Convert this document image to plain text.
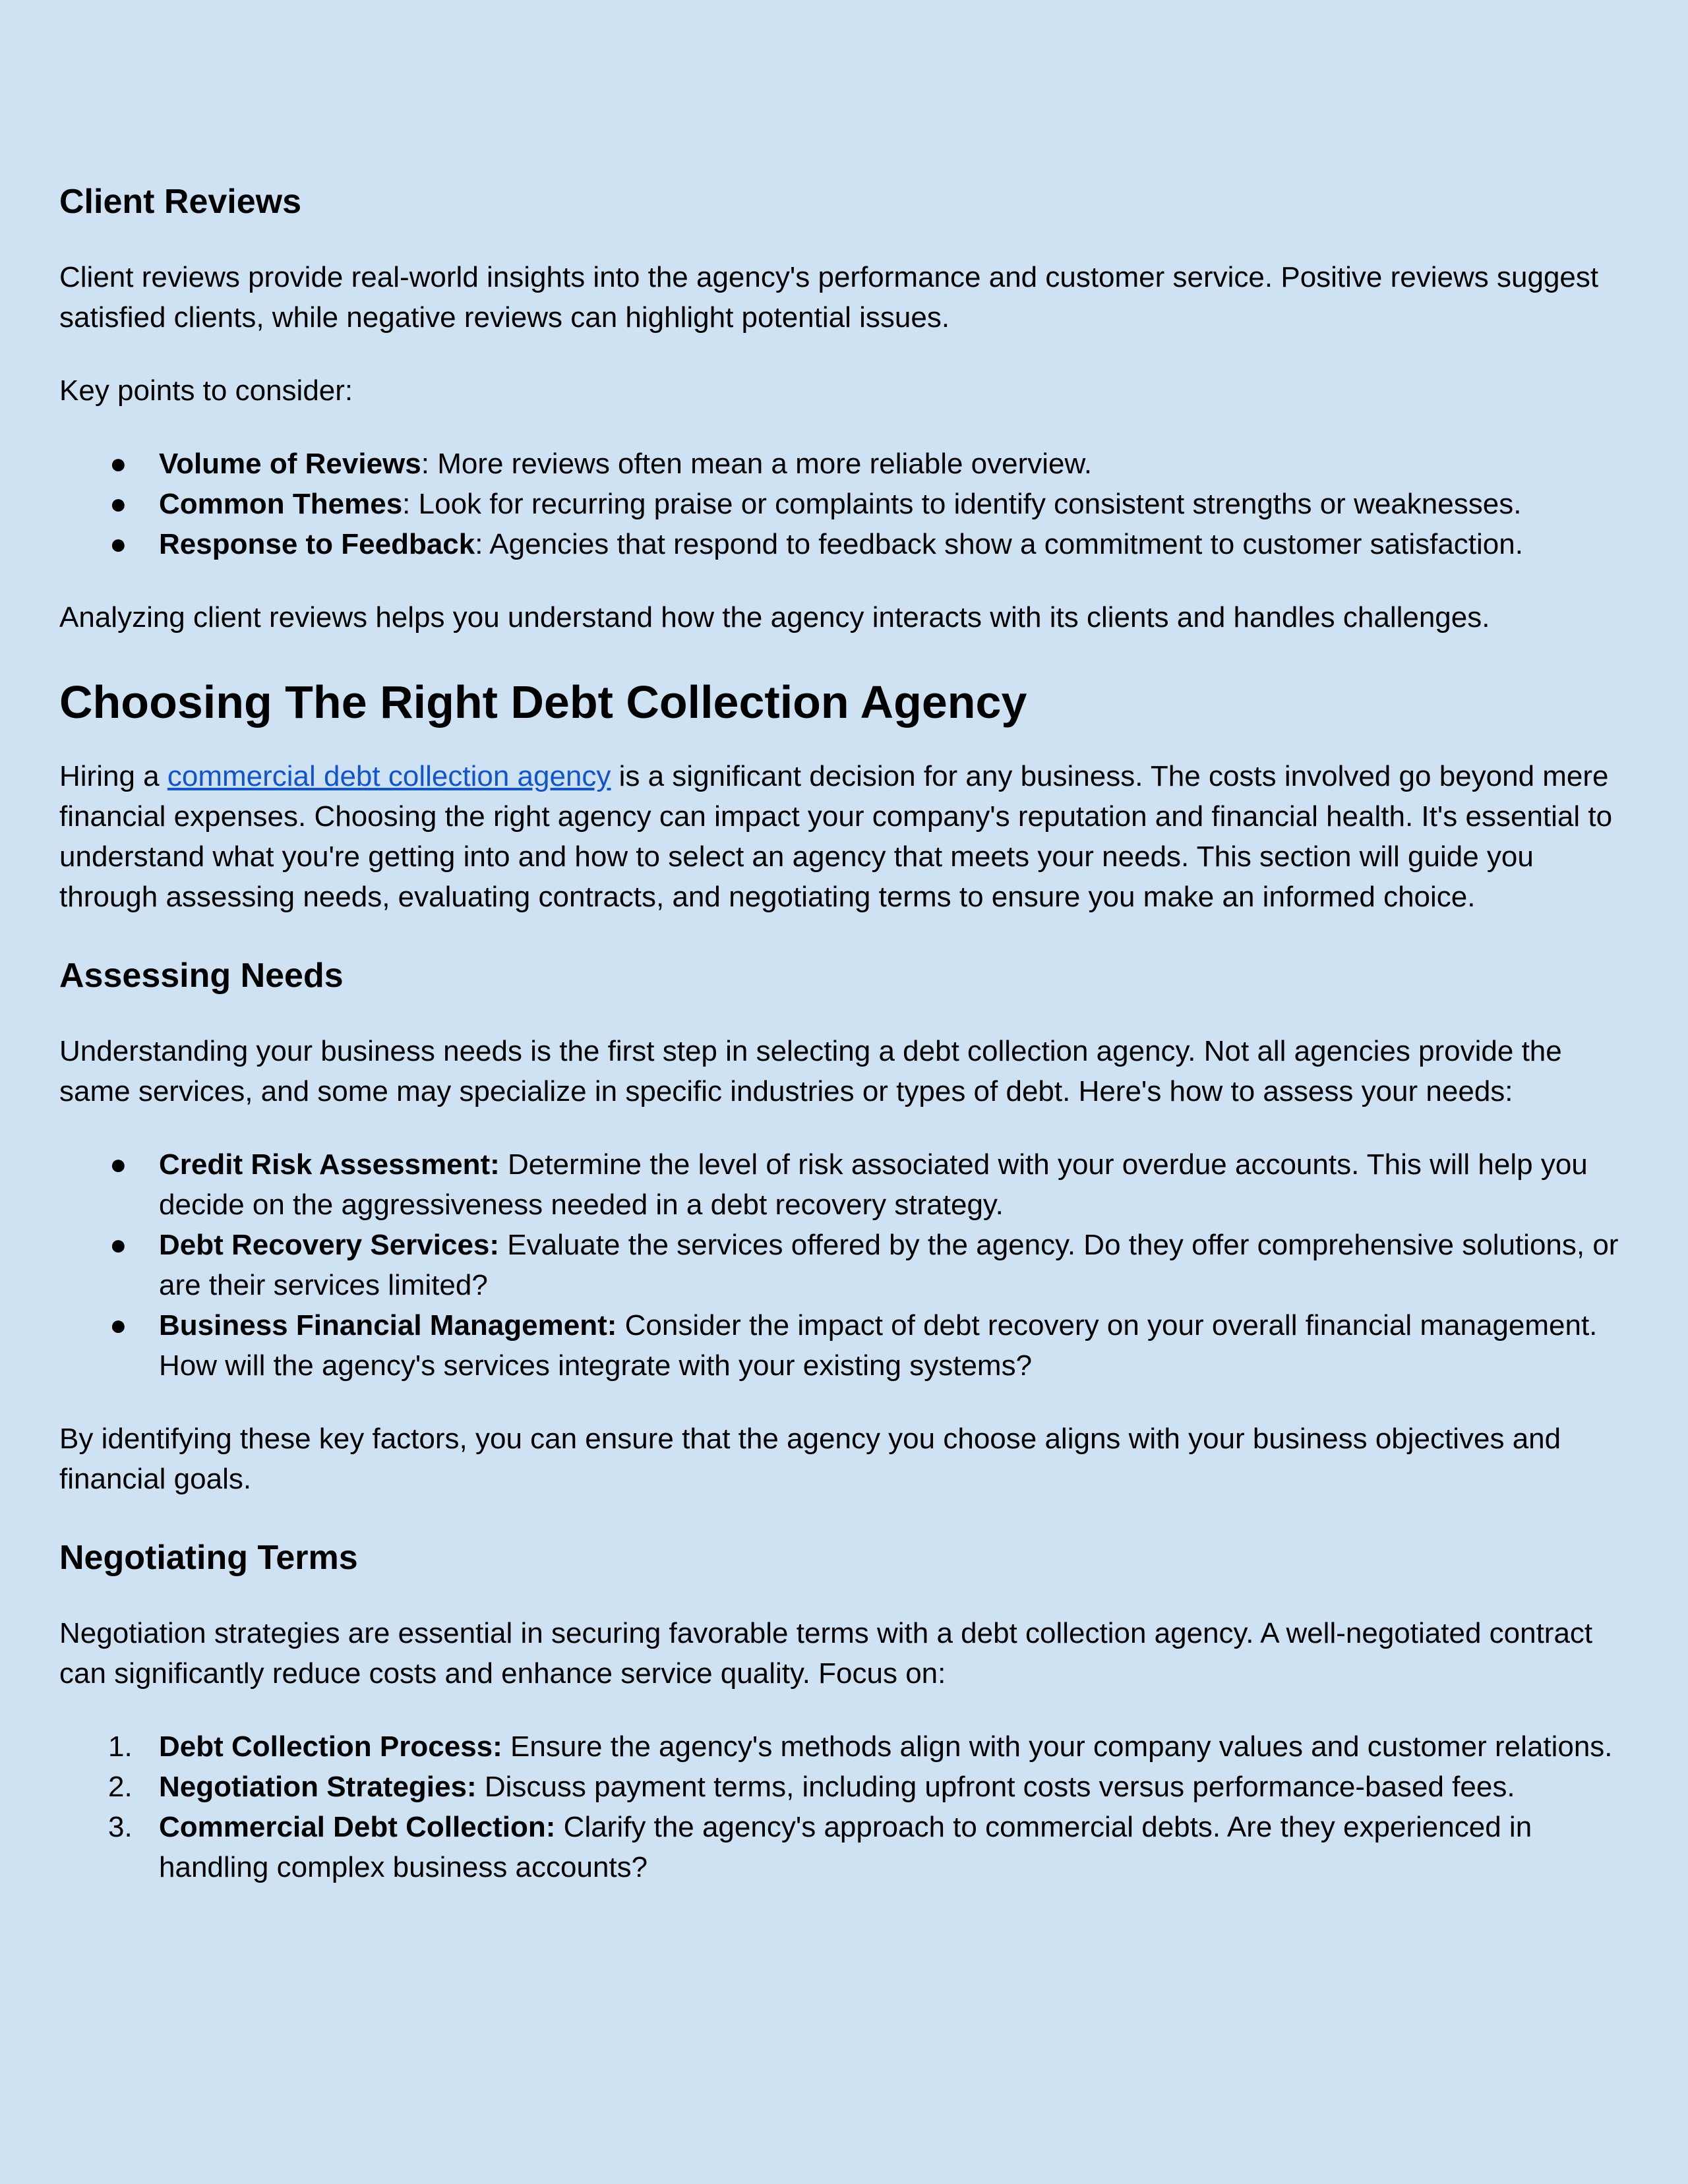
Client Reviews

Client reviews provide real-world insights into the agency's performance and customer service. Positive reviews suggest satisfied clients, while negative reviews can highlight potential issues.

Key points to consider:

●	Volume of Reviews: More reviews often mean a more reliable overview.
●	Common Themes: Look for recurring praise or complaints to identify consistent strengths or weaknesses.
●	Response to Feedback: Agencies that respond to feedback show a commitment to customer satisfaction.

Analyzing client reviews helps you understand how the agency interacts with its clients and handles challenges.

Choosing The Right Debt Collection Agency

Hiring a commercial debt collection agency is a significant decision for any business. The costs involved go beyond mere financial expenses. Choosing the right agency can impact your company's reputation and financial health. It's essential to understand what you're getting into and how to select an agency that meets your needs. This section will guide you through assessing needs, evaluating contracts, and negotiating terms to ensure you make an informed choice.

Assessing Needs

Understanding your business needs is the first step in selecting a debt collection agency. Not all agencies provide the same services, and some may specialize in specific industries or types of debt. Here's how to assess your needs:

●	Credit Risk Assessment: Determine the level of risk associated with your overdue accounts. This will help you decide on the aggressiveness needed in a debt recovery strategy.
●	Debt Recovery Services: Evaluate the services offered by the agency. Do they offer comprehensive solutions, or are their services limited?
●	Business Financial Management: Consider the impact of debt recovery on your overall financial management. How will the agency's services integrate with your existing systems?

By identifying these key factors, you can ensure that the agency you choose aligns with your business objectives and financial goals.

Negotiating Terms

Negotiation strategies are essential in securing favorable terms with a debt collection agency. A well-negotiated contract can significantly reduce costs and enhance service quality. Focus on:

1. Debt Collection Process: Ensure the agency's methods align with your company values and customer relations.
2. Negotiation Strategies: Discuss payment terms, including upfront costs versus performance-based fees.
3. Commercial Debt Collection: Clarify the agency's approach to commercial debts. Are they experienced in handling complex business accounts?
